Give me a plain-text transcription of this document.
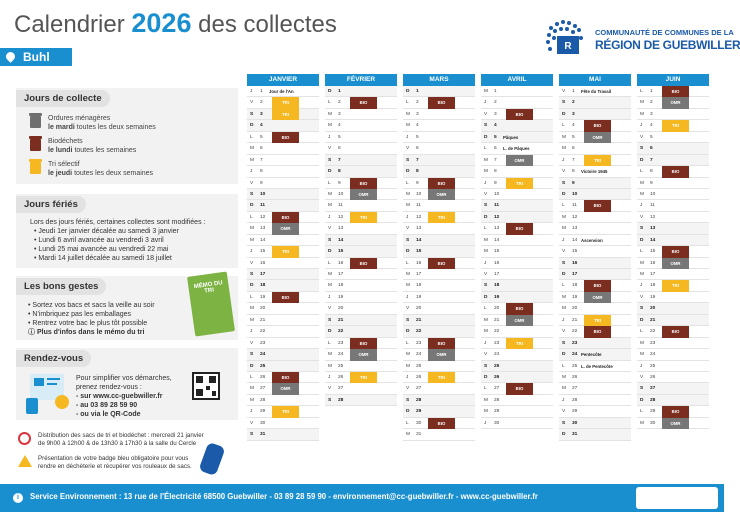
Calendrier 2026 des collectes
Buhl
R
COMMUNAUTÉ DE COMMUNES DE LA
RÉGION DE GUEBWILLER
Jours de collecte
Ordures ménagères
le mardi toutes les deux semaines
Biodéchets
le lundi toutes les semaines
Tri sélectif
le jeudi toutes les deux semaines
Jours fériés
Lors des jours fériés, certaines collectes sont modifiées :
• Jeudi 1er janvier décalée au samedi 3 janvier
• Lundi 6 avril avancée au vendredi 3 avril
• Lundi 25 mai avancée au vendredi 22 mai
• Mardi 14 juillet décalée au samedi 18 juillet
Les bons gestes
• Sortez vos bacs et sacs la veille au soir
• N'imbriquez pas les emballages
• Rentrez votre bac le plus tôt possible
ⓘ Plus d'infos dans le mémo du tri
MÉMO DU TRI
Rendez-vous
Pour simplifier vos démarches,
prenez rendez-vous :
- sur www.cc-guebwiller.fr
- au 03 89 28 59 90
- ou via le QR-Code
Distribution des sacs de tri et biodéchet : mercredi 21 janvier de 9h00 à 12h00 & de 13h30 à 17h30 à la salle du Cercle
Présentation de votre badge bleu obligatoire pour vous rendre en déchèterie et récupérer vos rouleaux de sacs.
JANVIER
J	1	Jour de l'An
V	2	TRI
S	3	TRI
D	4
L	5	BIO
M	6
M	7
J	8
V	9
S	10
D	11
L	12	BIO
M	13	OMR
M	14
J	15	TRI
V	16
S	17
D	18
L	19	BIO
M	20
M	21
J	22
V	23
S	24
D	25
L	26	BIO
M	27	OMR
M	28
J	29	TRI
V	30
S	31
FÉVRIER
D	1
L	2	BIO
M	3
M	4
J	5
V	6
S	7
D	8
L	9	BIO
M	10	OMR
M	11
J	12	TRI
V	13
S	14
D	15
L	16	BIO
M	17
M	18
J	19
V	20
S	21
D	22
L	23	BIO
M	24	OMR
M	25
J	26	TRI
V	27
S	28
MARS
D	1
L	2	BIO
M	3
M	4
J	5
V	6
S	7
D	8
L	9	BIO
M	10	OMR
M	11
J	12	TRI
V	13
S	14
D	15
L	16	BIO
M	17
M	18
J	19
V	20
S	21
D	22
L	23	BIO
M	24	OMR
M	25
J	26	TRI
V	27
S	28
D	29
L	30	BIO
M	31
AVRIL
M	1
J	2
V	3	BIO
S	4
D	5	Pâques
L	6	L. de Pâques
M	7	OMR
M	8
J	9	TRI
V	10
S	11
D	12
L	13	BIO
M	14
M	15
J	16
V	17
S	18
D	19
L	20	BIO
M	21	OMR
M	22
J	23	TRI
V	24
S	25
D	26
L	27	BIO
M	28
M	29
J	30
MAI
V	1	Fête du Travail
S	2
D	3
L	4	BIO
M	5	OMR
M	6
J	7	TRI
V	8	Victoire 1945
S	9
D	10
L	11	BIO
M	12
M	13
J	14 Ascension
V	15
S	16
D	17
L	18	BIO
M	19	OMR
M	20
J	21	TRI
V	22	BIO
S	23
D	24 Pentecôte
L	25 L. de Pentecôte
M	26
M	27
J	28
V	29
S	30
D	31
JUIN
L	1	BIO
M	2	OMR
M	3
J	4	TRI
V	5
S	6
D	7
L	8	BIO
M	9
M	10
J	11
V	12
S	13
D	14
L	15	BIO
M	16	OMR
M	17
J	18	TRI
V	19
S	20
D	21
L	22	BIO
M	23
M	24
J	25
V	26
S	27
D	28
L	29	BIO
M	30	OMR
i	Service Environnement : 13 rue de l'Électricité 68500 Guebwiller - 03 89 28 59 90 - environnement@cc-guebwiller.fr - www.cc-guebwiller.fr
